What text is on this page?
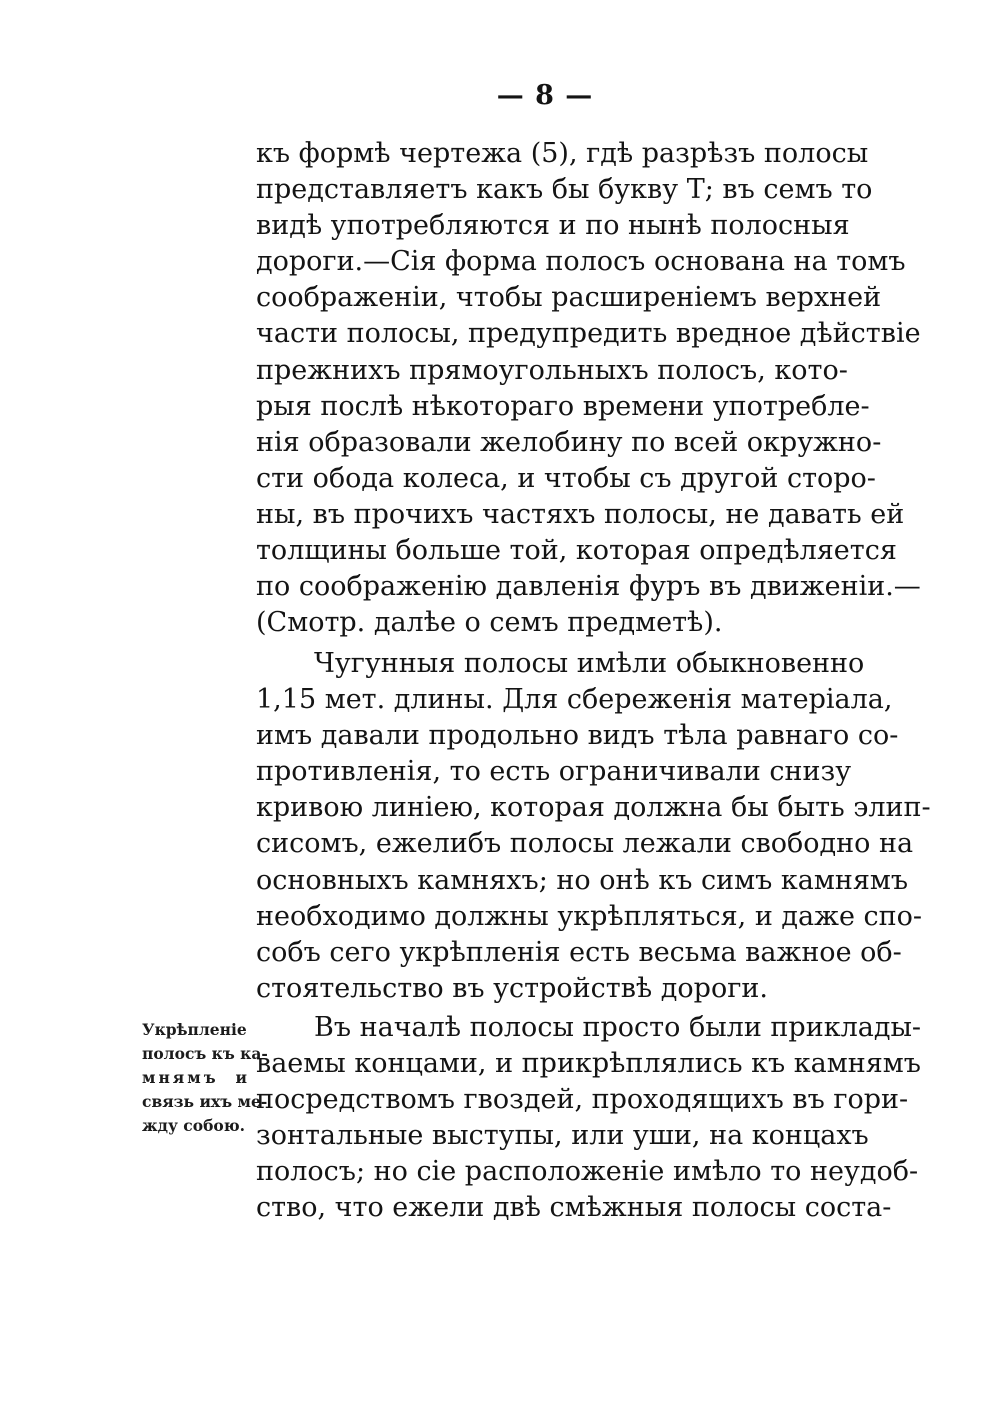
— 8 —
къ формѣ чертежа (5), гдѣ разрѣзъ полосы
представляетъ какъ бы букву Т; въ семъ то
видѣ употребляются и по нынѣ полосныя
дороги.—Сія форма полосъ основана на томъ
соображеніи, чтобы расширеніемъ верхней
части полосы, предупредить вредное дѣйствіе
прежнихъ прямоугольныхъ полосъ, кото-
рыя послѣ нѣкотораго времени употребле-
нія образовали желобину по всей окружно-
сти обода колеса, и чтобы съ другой сторо-
ны, въ прочихъ частяхъ полосы, не давать ей
толщины больше той, которая опредѣляется
по соображенію давленія фуръ въ движеніи.—
(Смотр. далѣе о семъ предметѣ).
Чугунныя полосы имѣли обыкновенно
1,15 мет. длины. Для сбереженія матеріала,
имъ давали продольно видъ тѣла равнаго со-
противленія, то есть ограничивали снизу
кривою линіею, которая должна бы быть элип-
сисомъ, ежелибъ полосы лежали свободно на
основныхъ камняхъ; но онѣ къ симъ камнямъ
необходимо должны укрѣпляться, и даже спо-
собъ сего укрѣпленія есть весьма важное об-
стоятельство въ устройствѣ дороги.
Укрѣпленіе
полосъ къ ка-
мнямъ и
связь ихъ ме-
жду собою.
Въ началѣ полосы просто были приклады-
ваемы концами, и прикрѣплялись къ камнямъ
посредствомъ гвоздей, проходящихъ въ гори-
зонтальные выступы, или уши, на концахъ
полосъ; но сіе расположеніе имѣло то неудоб-
ство, что ежели двѣ смѣжныя полосы соста-
